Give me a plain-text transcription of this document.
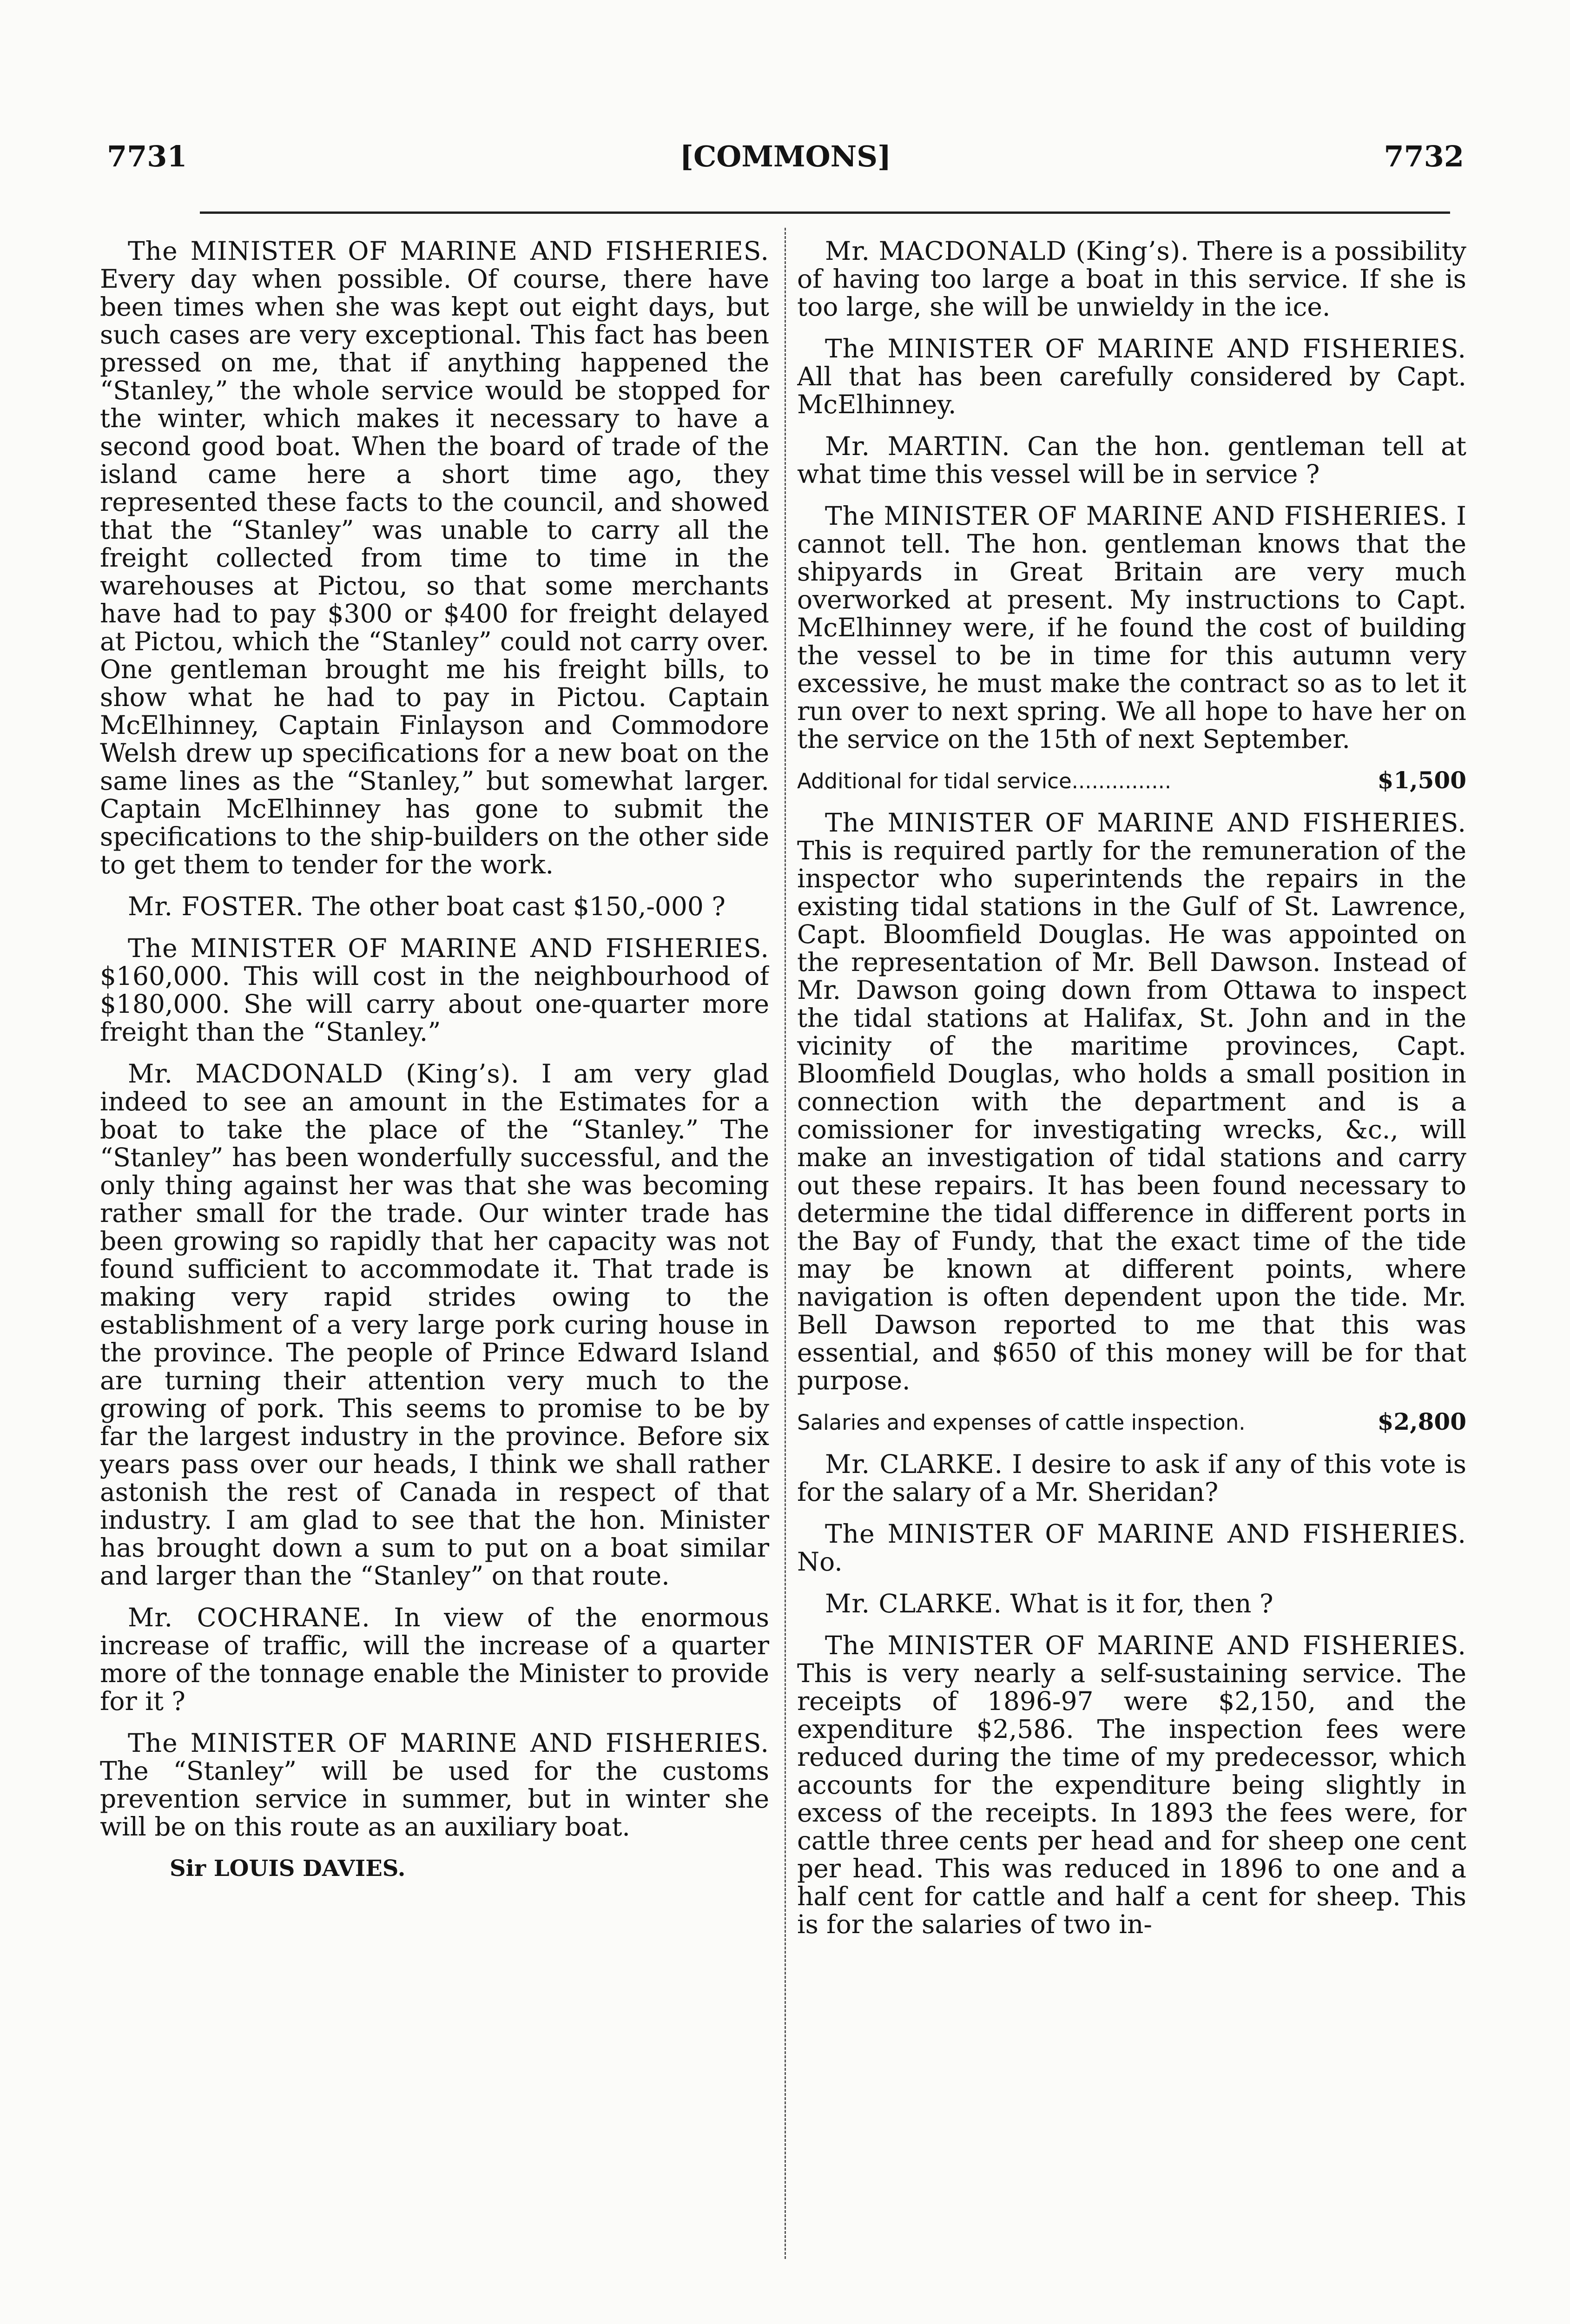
7731	[COMMONS]	7732

The MINISTER OF MARINE AND FISHERIES. Every day when possible. Of course, there have been times when she was kept out eight days, but such cases are very exceptional. This fact has been pressed on me, that if anything happened the “Stanley,” the whole service would be stopped for the winter, which makes it necessary to have a second good boat. When the board of trade of the island came here a short time ago, they represented these facts to the council, and showed that the “Stanley” was unable to carry all the freight collected from time to time in the warehouses at Pictou, so that some merchants have had to pay $300 or $400 for freight delayed at Pictou, which the “Stanley” could not carry over. One gentleman brought me his freight bills, to show what he had to pay in Pictou. Captain McElhinney, Captain Finlayson and Commodore Welsh drew up specifications for a new boat on the same lines as the “Stanley,” but somewhat larger. Captain McElhinney has gone to submit the specifications to the ship-builders on the other side to get them to tender for the work.

Mr. FOSTER. The other boat cast $150,-000 ?

The MINISTER OF MARINE AND FISHERIES. $160,000. This will cost in the neighbourhood of $180,000. She will carry about one-quarter more freight than the “Stanley.”

Mr. MACDONALD (King’s). I am very glad indeed to see an amount in the Estimates for a boat to take the place of the “Stanley.” The “Stanley” has been wonderfully successful, and the only thing against her was that she was becoming rather small for the trade. Our winter trade has been growing so rapidly that her capacity was not found sufficient to accommodate it. That trade is making very rapid strides owing to the establishment of a very large pork curing house in the province. The people of Prince Edward Island are turning their attention very much to the growing of pork. This seems to promise to be by far the largest industry in the province. Before six years pass over our heads, I think we shall rather astonish the rest of Canada in respect of that industry. I am glad to see that the hon. Minister has brought down a sum to put on a boat similar and larger than the “Stanley” on that route.

Mr. COCHRANE. In view of the enormous increase of traffic, will the increase of a quarter more of the tonnage enable the Minister to provide for it ?

The MINISTER OF MARINE AND FISHERIES. The “Stanley” will be used for the customs prevention service in summer, but in winter she will be on this route as an auxiliary boat.

Sir LOUIS DAVIES.

Mr. MACDONALD (King’s). There is a possibility of having too large a boat in this service. If she is too large, she will be unwieldy in the ice.

The MINISTER OF MARINE AND FISHERIES. All that has been carefully considered by Capt. McElhinney.

Mr. MARTIN. Can the hon. gentleman tell at what time this vessel will be in service ?

The MINISTER OF MARINE AND FISHERIES. I cannot tell. The hon. gentleman knows that the shipyards in Great Britain are very much overworked at present. My instructions to Capt. McElhinney were, if he found the cost of building the vessel to be in time for this autumn very excessive, he must make the contract so as to let it run over to next spring. We all hope to have her on the service on the 15th of next September.

Additional for tidal service...............	$1,500

The MINISTER OF MARINE AND FISHERIES. This is required partly for the remuneration of the inspector who superintends the repairs in the existing tidal stations in the Gulf of St. Lawrence, Capt. Bloomfield Douglas. He was appointed on the representation of Mr. Bell Dawson. Instead of Mr. Dawson going down from Ottawa to inspect the tidal stations at Halifax, St. John and in the vicinity of the maritime provinces, Capt. Bloomfield Douglas, who holds a small position in connection with the department and is a comissioner for investigating wrecks, &c., will make an investigation of tidal stations and carry out these repairs. It has been found necessary to determine the tidal difference in different ports in the Bay of Fundy, that the exact time of the tide may be known at different points, where navigation is often dependent upon the tide. Mr. Bell Dawson reported to me that this was essential, and $650 of this money will be for that purpose.

Salaries and expenses of cattle inspection.	$2,800

Mr. CLARKE. I desire to ask if any of this vote is for the salary of a Mr. Sheridan?

The MINISTER OF MARINE AND FISHERIES. No.

Mr. CLARKE. What is it for, then ?

The MINISTER OF MARINE AND FISHERIES. This is very nearly a self-sustaining service. The receipts of 1896-97 were $2,150, and the expenditure $2,586. The inspection fees were reduced during the time of my predecessor, which accounts for the expenditure being slightly in excess of the receipts. In 1893 the fees were, for cattle three cents per head and for sheep one cent per head. This was reduced in 1896 to one and a half cent for cattle and half a cent for sheep. This is for the salaries of two in-
